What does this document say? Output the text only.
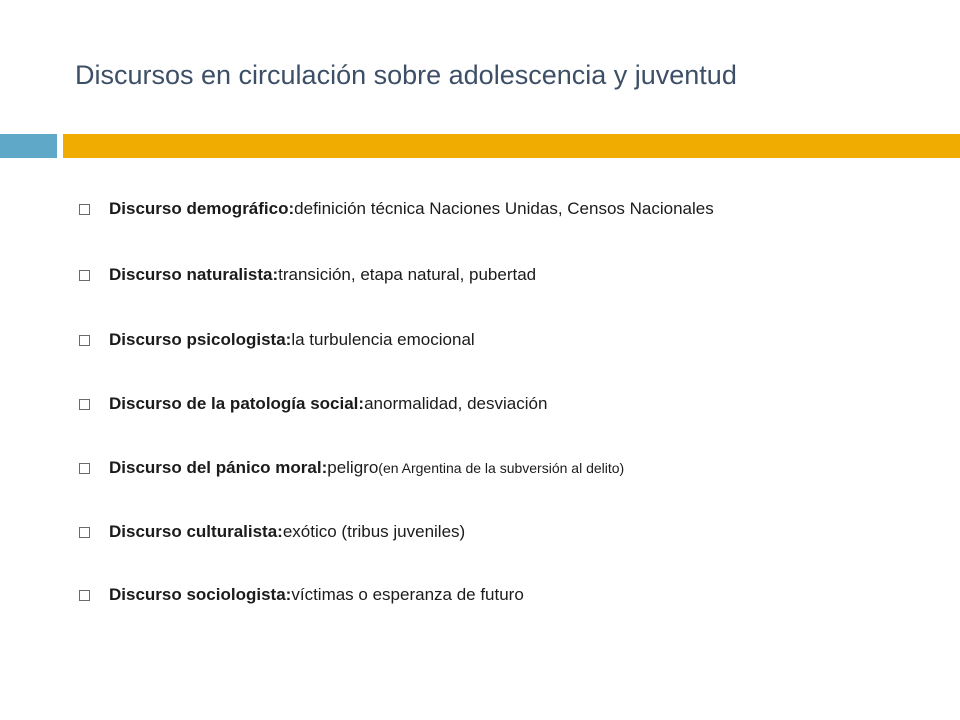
Discursos en circulación sobre adolescencia y juventud
Discurso demográfico : definición técnica Naciones Unidas, Censos Nacionales
Discurso naturalista : transición, etapa natural, pubertad
Discurso psicologista : la turbulencia emocional
Discurso de la patología social : anormalidad, desviación
Discurso del pánico moral : peligro (en Argentina de la subversión al delito)
Discurso culturalista : exótico (tribus juveniles)
Discurso sociologista : víctimas o esperanza de futuro
